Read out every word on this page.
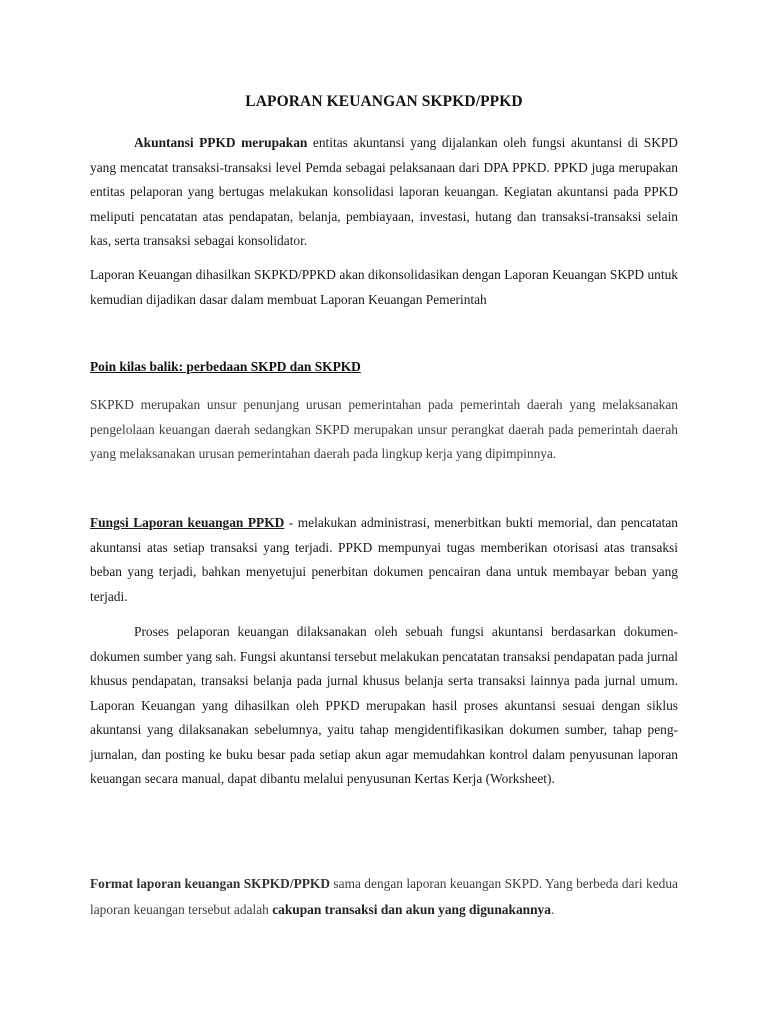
LAPORAN KEUANGAN SKPKD/PPKD

Akuntansi PPKD merupakan entitas akuntansi yang dijalankan oleh fungsi akuntansi di SKPD yang mencatat transaksi-transaksi level Pemda sebagai pelaksanaan dari DPA PPKD. PPKD juga merupakan entitas pelaporan yang bertugas melakukan konsolidasi laporan keuangan. Kegiatan akuntansi pada PPKD meliputi pencatatan atas pendapatan, belanja, pembiayaan, investasi, hutang dan transaksi-transaksi selain kas, serta transaksi sebagai konsolidator.

Laporan Keuangan dihasilkan SKPKD/PPKD akan dikonsolidasikan dengan Laporan Keuangan SKPD untuk kemudian dijadikan dasar dalam membuat Laporan Keuangan Pemerintah

Poin kilas balik: perbedaan SKPD dan SKPKD

SKPKD merupakan unsur penunjang urusan pemerintahan pada pemerintah daerah yang melaksanakan pengelolaan keuangan daerah sedangkan SKPD merupakan unsur perangkat daerah pada pemerintah daerah yang melaksanakan urusan pemerintahan daerah pada lingkup kerja yang dipimpinnya.

Fungsi Laporan keuangan PPKD - melakukan administrasi, menerbitkan bukti memorial, dan pencatatan akuntansi atas setiap transaksi yang terjadi. PPKD mempunyai tugas memberikan otorisasi atas transaksi beban yang terjadi, bahkan menyetujui penerbitan dokumen pencairan dana untuk membayar beban yang terjadi.

Proses pelaporan keuangan dilaksanakan oleh sebuah fungsi akuntansi berdasarkan dokumen-dokumen sumber yang sah. Fungsi akuntansi tersebut melakukan pencatatan transaksi pendapatan pada jurnal khusus pendapatan, transaksi belanja pada jurnal khusus belanja serta transaksi lainnya pada jurnal umum. Laporan Keuangan yang dihasilkan oleh PPKD merupakan hasil proses akuntansi sesuai dengan siklus akuntansi yang dilaksanakan sebelumnya, yaitu tahap mengidentifikasikan dokumen sumber, tahap peng-jurnalan, dan posting ke buku besar pada setiap akun agar memudahkan kontrol dalam penyusunan laporan keuangan secara manual, dapat dibantu melalui penyusunan Kertas Kerja (Worksheet).

Format laporan keuangan SKPKD/PPKD sama dengan laporan keuangan SKPD. Yang berbeda dari kedua laporan keuangan tersebut adalah cakupan transaksi dan akun yang digunakannya.
